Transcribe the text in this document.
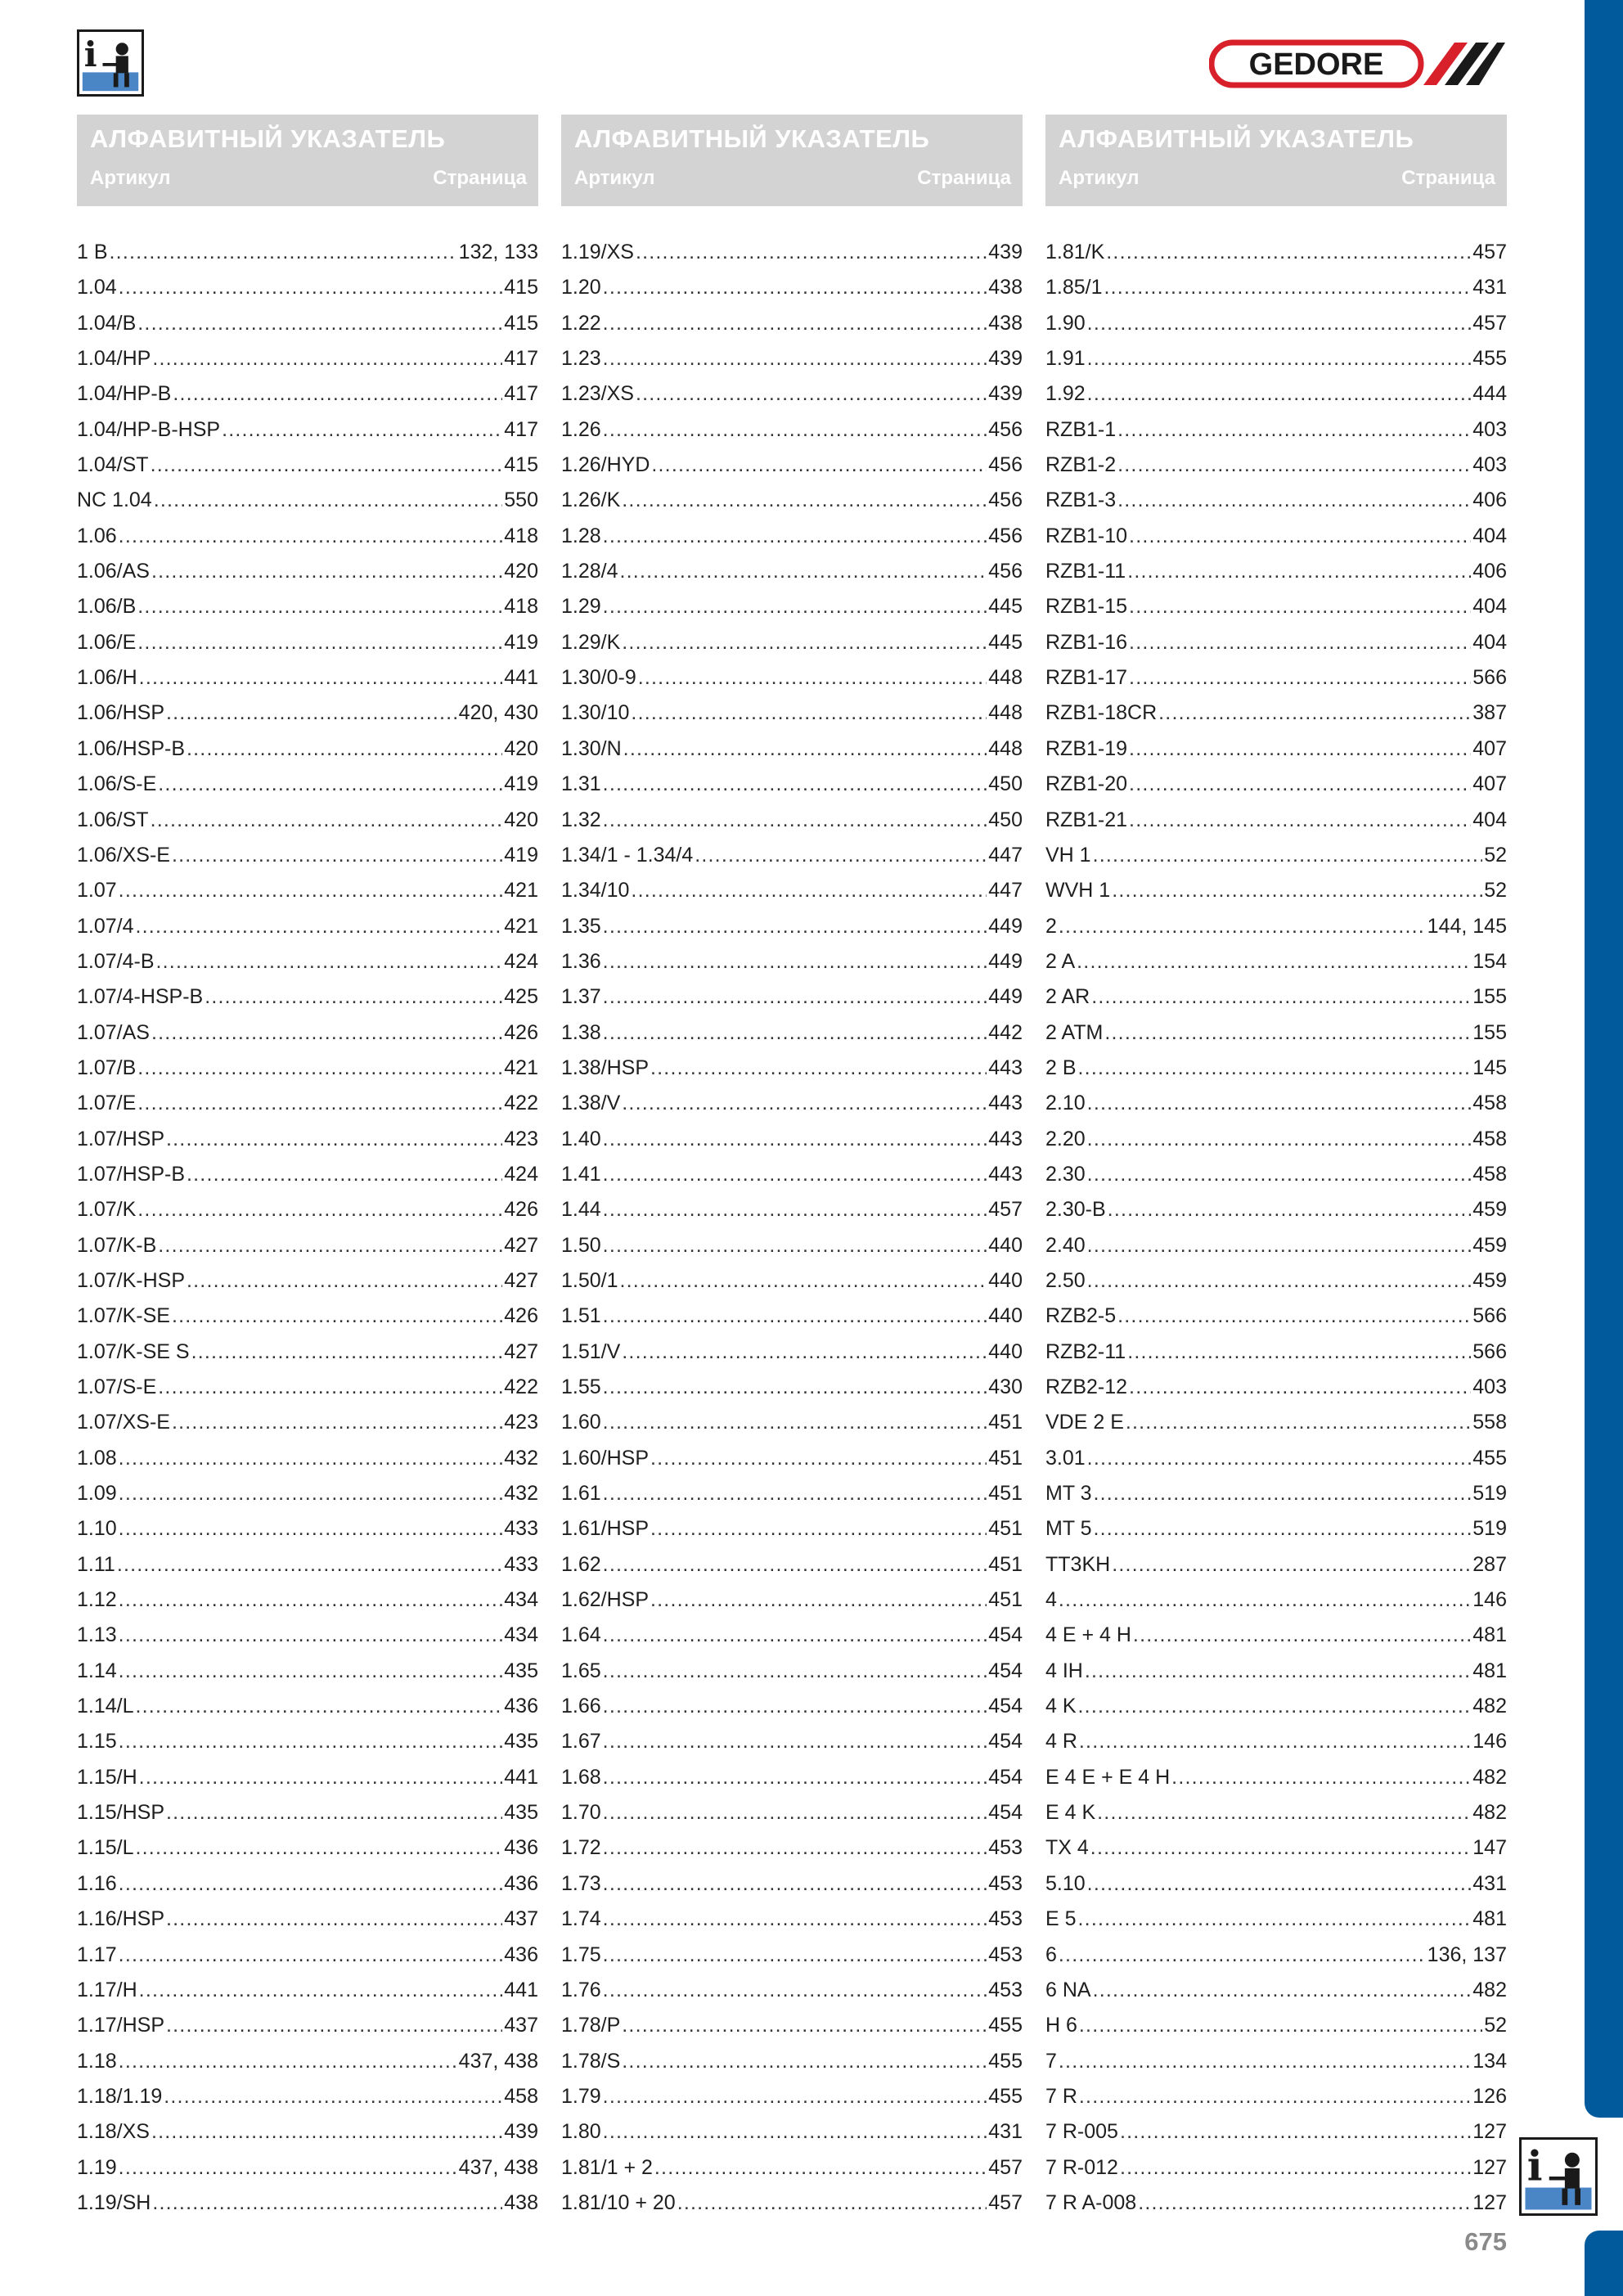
i	GEDORE
i
675
АЛФАВИТНЫЙ УКАЗАТЕЛЬ
Артикул	Страница
1 B .....	132, 133
1.04 .....	415
1.04/B .....	415
1.04/HP .....	417
1.04/HP-B .....	417
1.04/HP-B-HSP .....	417
1.04/ST .....	415
NC 1.04 .....	550
1.06 .....	418
1.06/AS .....	420
1.06/B .....	418
1.06/E .....	419
1.06/H .....	441
1.06/HSP .....	420, 430
1.06/HSP-B .....	420
1.06/S-E .....	419
1.06/ST .....	420
1.06/XS-E .....	419
1.07 .....	421
1.07/4 .....	421
1.07/4-B .....	424
1.07/4-HSP-B .....	425
1.07/AS .....	426
1.07/B .....	421
1.07/E .....	422
1.07/HSP .....	423
1.07/HSP-B .....	424
1.07/K .....	426
1.07/K-B .....	427
1.07/K-HSP .....	427
1.07/K-SE .....	426
1.07/K-SE S .....	427
1.07/S-E .....	422
1.07/XS-E .....	423
1.08 .....	432
1.09 .....	432
1.10 .....	433
1.11 .....	433
1.12 .....	434
1.13 .....	434
1.14 .....	435
1.14/L .....	436
1.15 .....	435
1.15/H .....	441
1.15/HSP .....	435
1.15/L .....	436
1.16 .....	436
1.16/HSP .....	437
1.17 .....	436
1.17/H .....	441
1.17/HSP .....	437
1.18 .....	437, 438
1.18/1.19 .....	458
1.18/XS .....	439
1.19 .....	437, 438
1.19/SH .....	438
АЛФАВИТНЫЙ УКАЗАТЕЛЬ
Артикул	Страница
1.19/XS .....	439
1.20 .....	438
1.22 .....	438
1.23 .....	439
1.23/XS .....	439
1.26 .....	456
1.26/HYD .....	456
1.26/K .....	456
1.28 .....	456
1.28/4 .....	456
1.29 .....	445
1.29/K .....	445
1.30/0-9 .....	448
1.30/10 .....	448
1.30/N .....	448
1.31 .....	450
1.32 .....	450
1.34/1 - 1.34/4 .....	447
1.34/10 .....	447
1.35 .....	449
1.36 .....	449
1.37 .....	449
1.38 .....	442
1.38/HSP .....	443
1.38/V .....	443
1.40 .....	443
1.41 .....	443
1.44 .....	457
1.50 .....	440
1.50/1 .....	440
1.51 .....	440
1.51/V .....	440
1.55 .....	430
1.60 .....	451
1.60/HSP .....	451
1.61 .....	451
1.61/HSP .....	451
1.62 .....	451
1.62/HSP .....	451
1.64 .....	454
1.65 .....	454
1.66 .....	454
1.67 .....	454
1.68 .....	454
1.70 .....	454
1.72 .....	453
1.73 .....	453
1.74 .....	453
1.75 .....	453
1.76 .....	453
1.78/P .....	455
1.78/S .....	455
1.79 .....	455
1.80 .....	431
1.81/1 + 2 .....	457
1.81/10 + 20 .....	457
АЛФАВИТНЫЙ УКАЗАТЕЛЬ
Артикул	Страница
1.81/K .....	457
1.85/1 .....	431
1.90 .....	457
1.91 .....	455
1.92 .....	444
RZB1-1 .....	403
RZB1-2 .....	403
RZB1-3 .....	406
RZB1-10 .....	404
RZB1-11 .....	406
RZB1-15 .....	404
RZB1-16 .....	404
RZB1-17 .....	566
RZB1-18CR .....	387
RZB1-19 .....	407
RZB1-20 .....	407
RZB1-21 .....	404
VH 1 .....	52
WVH 1 .....	52
2 .....	144, 145
2 A .....	154
2 AR .....	155
2 ATM .....	155
2 B .....	145
2.10 .....	458
2.20 .....	458
2.30 .....	458
2.30-B .....	459
2.40 .....	459
2.50 .....	459
RZB2-5 .....	566
RZB2-11 .....	566
RZB2-12 .....	403
VDE 2 E .....	558
3.01 .....	455
MT 3 .....	519
MT 5 .....	519
TT3KH .....	287
4 .....	146
4 E + 4 H .....	481
4 IH .....	481
4 K .....	482
4 R .....	146
E 4 E + E 4 H .....	482
E 4 K .....	482
TX 4 .....	147
5.10 .....	431
E 5 .....	481
6 .....	136, 137
6 NA .....	482
H 6 .....	52
7 .....	134
7 R .....	126
7 R-005 .....	127
7 R-012 .....	127
7 R A-008 .....	127
